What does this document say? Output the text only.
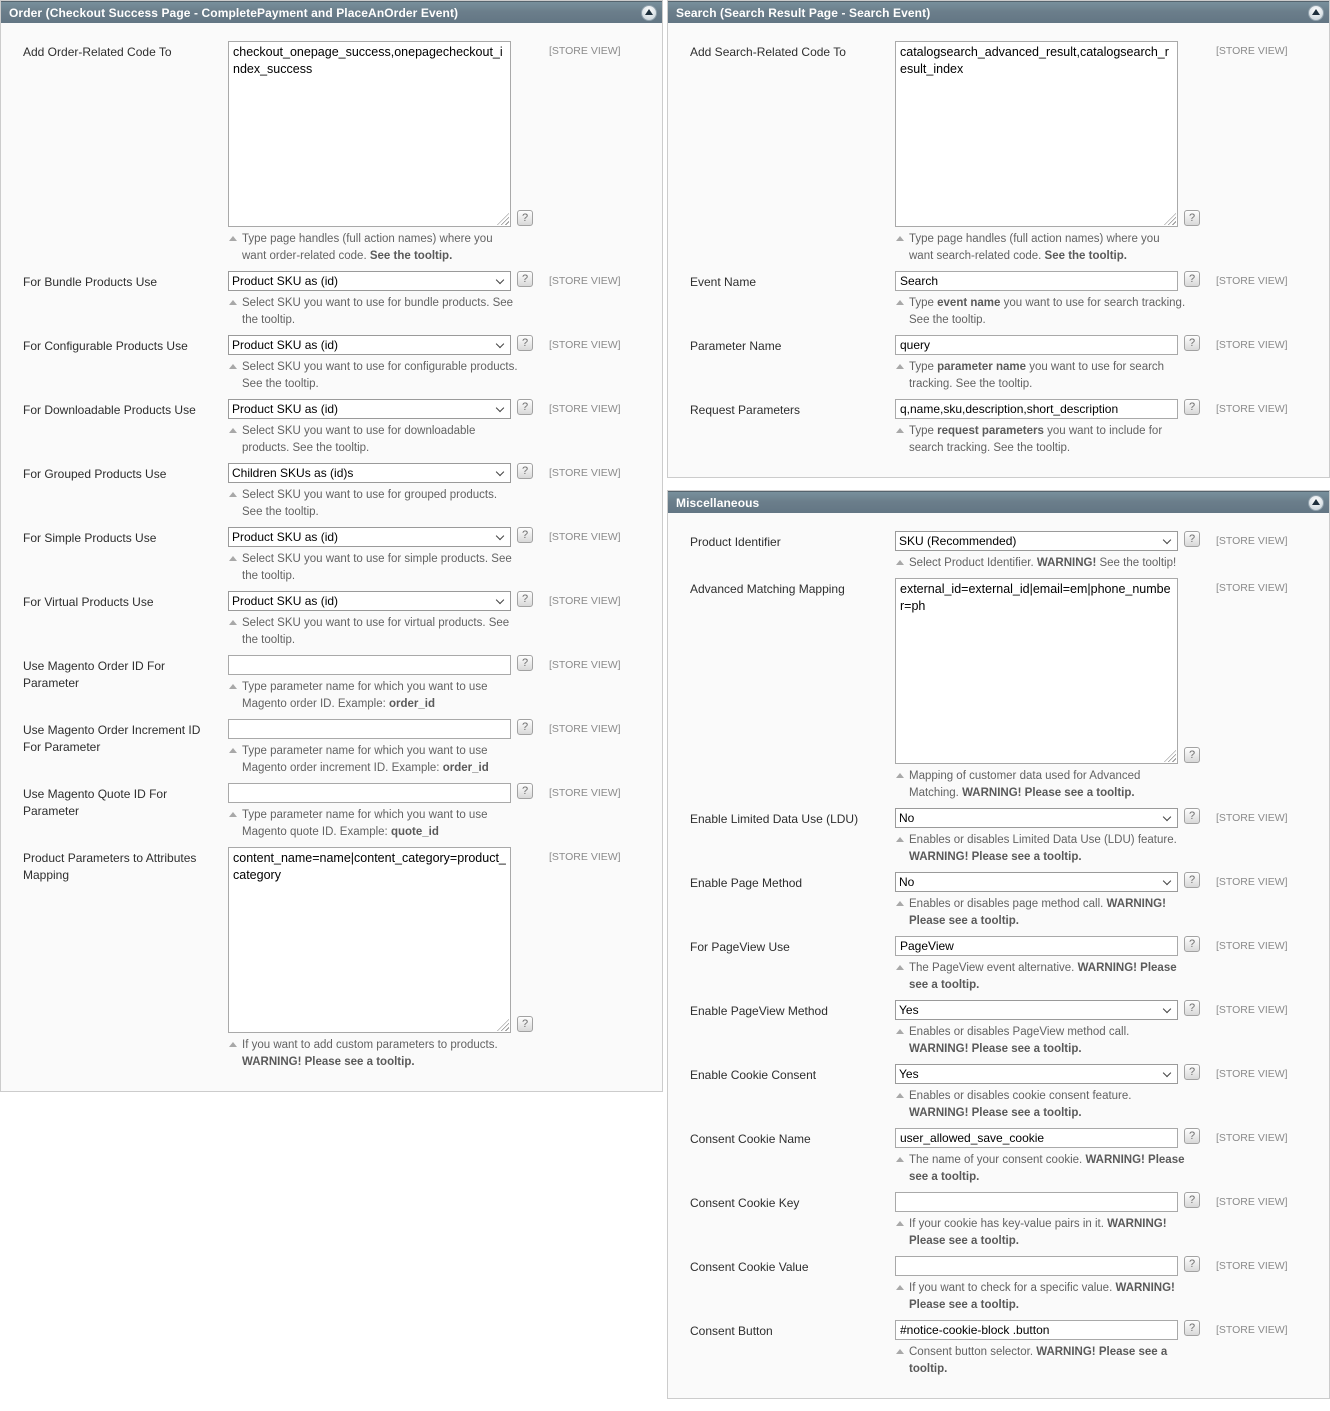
Order (Checkout Success Page - CompletePayment and PlaceAnOrder Event)
Add Order-Related Code To
checkout_onepage_success,onepagecheckout_index_success
?
Type page handles (full action names) where you want order-related code. See the tooltip.
[STORE VIEW]
For Bundle Products Use
Product SKU as (id)	?
Select SKU you want to use for bundle products. See the tooltip.
[STORE VIEW]
For Configurable Products Use
Product SKU as (id)	?
Select SKU you want to use for configurable products. See the tooltip.
[STORE VIEW]
For Downloadable Products Use
Product SKU as (id)	?
Select SKU you want to use for downloadable products. See the tooltip.
[STORE VIEW]
For Grouped Products Use
Children SKUs as (id)s	?
Select SKU you want to use for grouped products. See the tooltip.
[STORE VIEW]
For Simple Products Use
Product SKU as (id)	?
Select SKU you want to use for simple products. See the tooltip.
[STORE VIEW]
For Virtual Products Use
Product SKU as (id)	?
Select SKU you want to use for virtual products. See the tooltip.
[STORE VIEW]
Use Magento Order ID For Parameter
?
Type parameter name for which you want to use Magento order ID. Example: order_id
[STORE VIEW]
Use Magento Order Increment ID For Parameter
?
Type parameter name for which you want to use Magento order increment ID. Example: order_id
[STORE VIEW]
Use Magento Quote ID For Parameter
?
Type parameter name for which you want to use Magento quote ID. Example: quote_id
[STORE VIEW]
Product Parameters to Attributes Mapping
content_name=name|content_category=product_category
?
If you want to add custom parameters to products. WARNING! Please see a tooltip.
[STORE VIEW]
Search (Search Result Page - Search Event)
Add Search-Related Code To
catalogsearch_advanced_result,catalogsearch_result_index
?
Type page handles (full action names) where you want search-related code. See the tooltip.
[STORE VIEW]
Event Name
Search	?
Type event name you want to use for search tracking. See the tooltip.
[STORE VIEW]
Parameter Name
query	?
Type parameter name you want to use for search tracking. See the tooltip.
[STORE VIEW]
Request Parameters
q,name,sku,description,short_description	?
Type request parameters you want to include for search tracking. See the tooltip.
[STORE VIEW]
Miscellaneous
Product Identifier
SKU (Recommended)	?
Select Product Identifier. WARNING! See the tooltip!
[STORE VIEW]
Advanced Matching Mapping
external_id=external_id|email=em|phone_number=ph
?
Mapping of customer data used for Advanced Matching. WARNING! Please see a tooltip.
[STORE VIEW]
Enable Limited Data Use (LDU)
No	?
Enables or disables Limited Data Use (LDU) feature. WARNING! Please see a tooltip.
[STORE VIEW]
Enable Page Method
No	?
Enables or disables page method call. WARNING! Please see a tooltip.
[STORE VIEW]
For PageView Use
PageView	?
The PageView event alternative. WARNING! Please see a tooltip.
[STORE VIEW]
Enable PageView Method
Yes	?
Enables or disables PageView method call. WARNING! Please see a tooltip.
[STORE VIEW]
Enable Cookie Consent
Yes	?
Enables or disables cookie consent feature. WARNING! Please see a tooltip.
[STORE VIEW]
Consent Cookie Name
user_allowed_save_cookie	?
The name of your consent cookie. WARNING! Please see a tooltip.
[STORE VIEW]
Consent Cookie Key	?
If your cookie has key-value pairs in it. WARNING! Please see a tooltip.
[STORE VIEW]
Consent Cookie Value	?
If you want to check for a specific value. WARNING! Please see a tooltip.
[STORE VIEW]
Consent Button
#notice-cookie-block .button	?
Consent button selector. WARNING! Please see a tooltip.
[STORE VIEW]
